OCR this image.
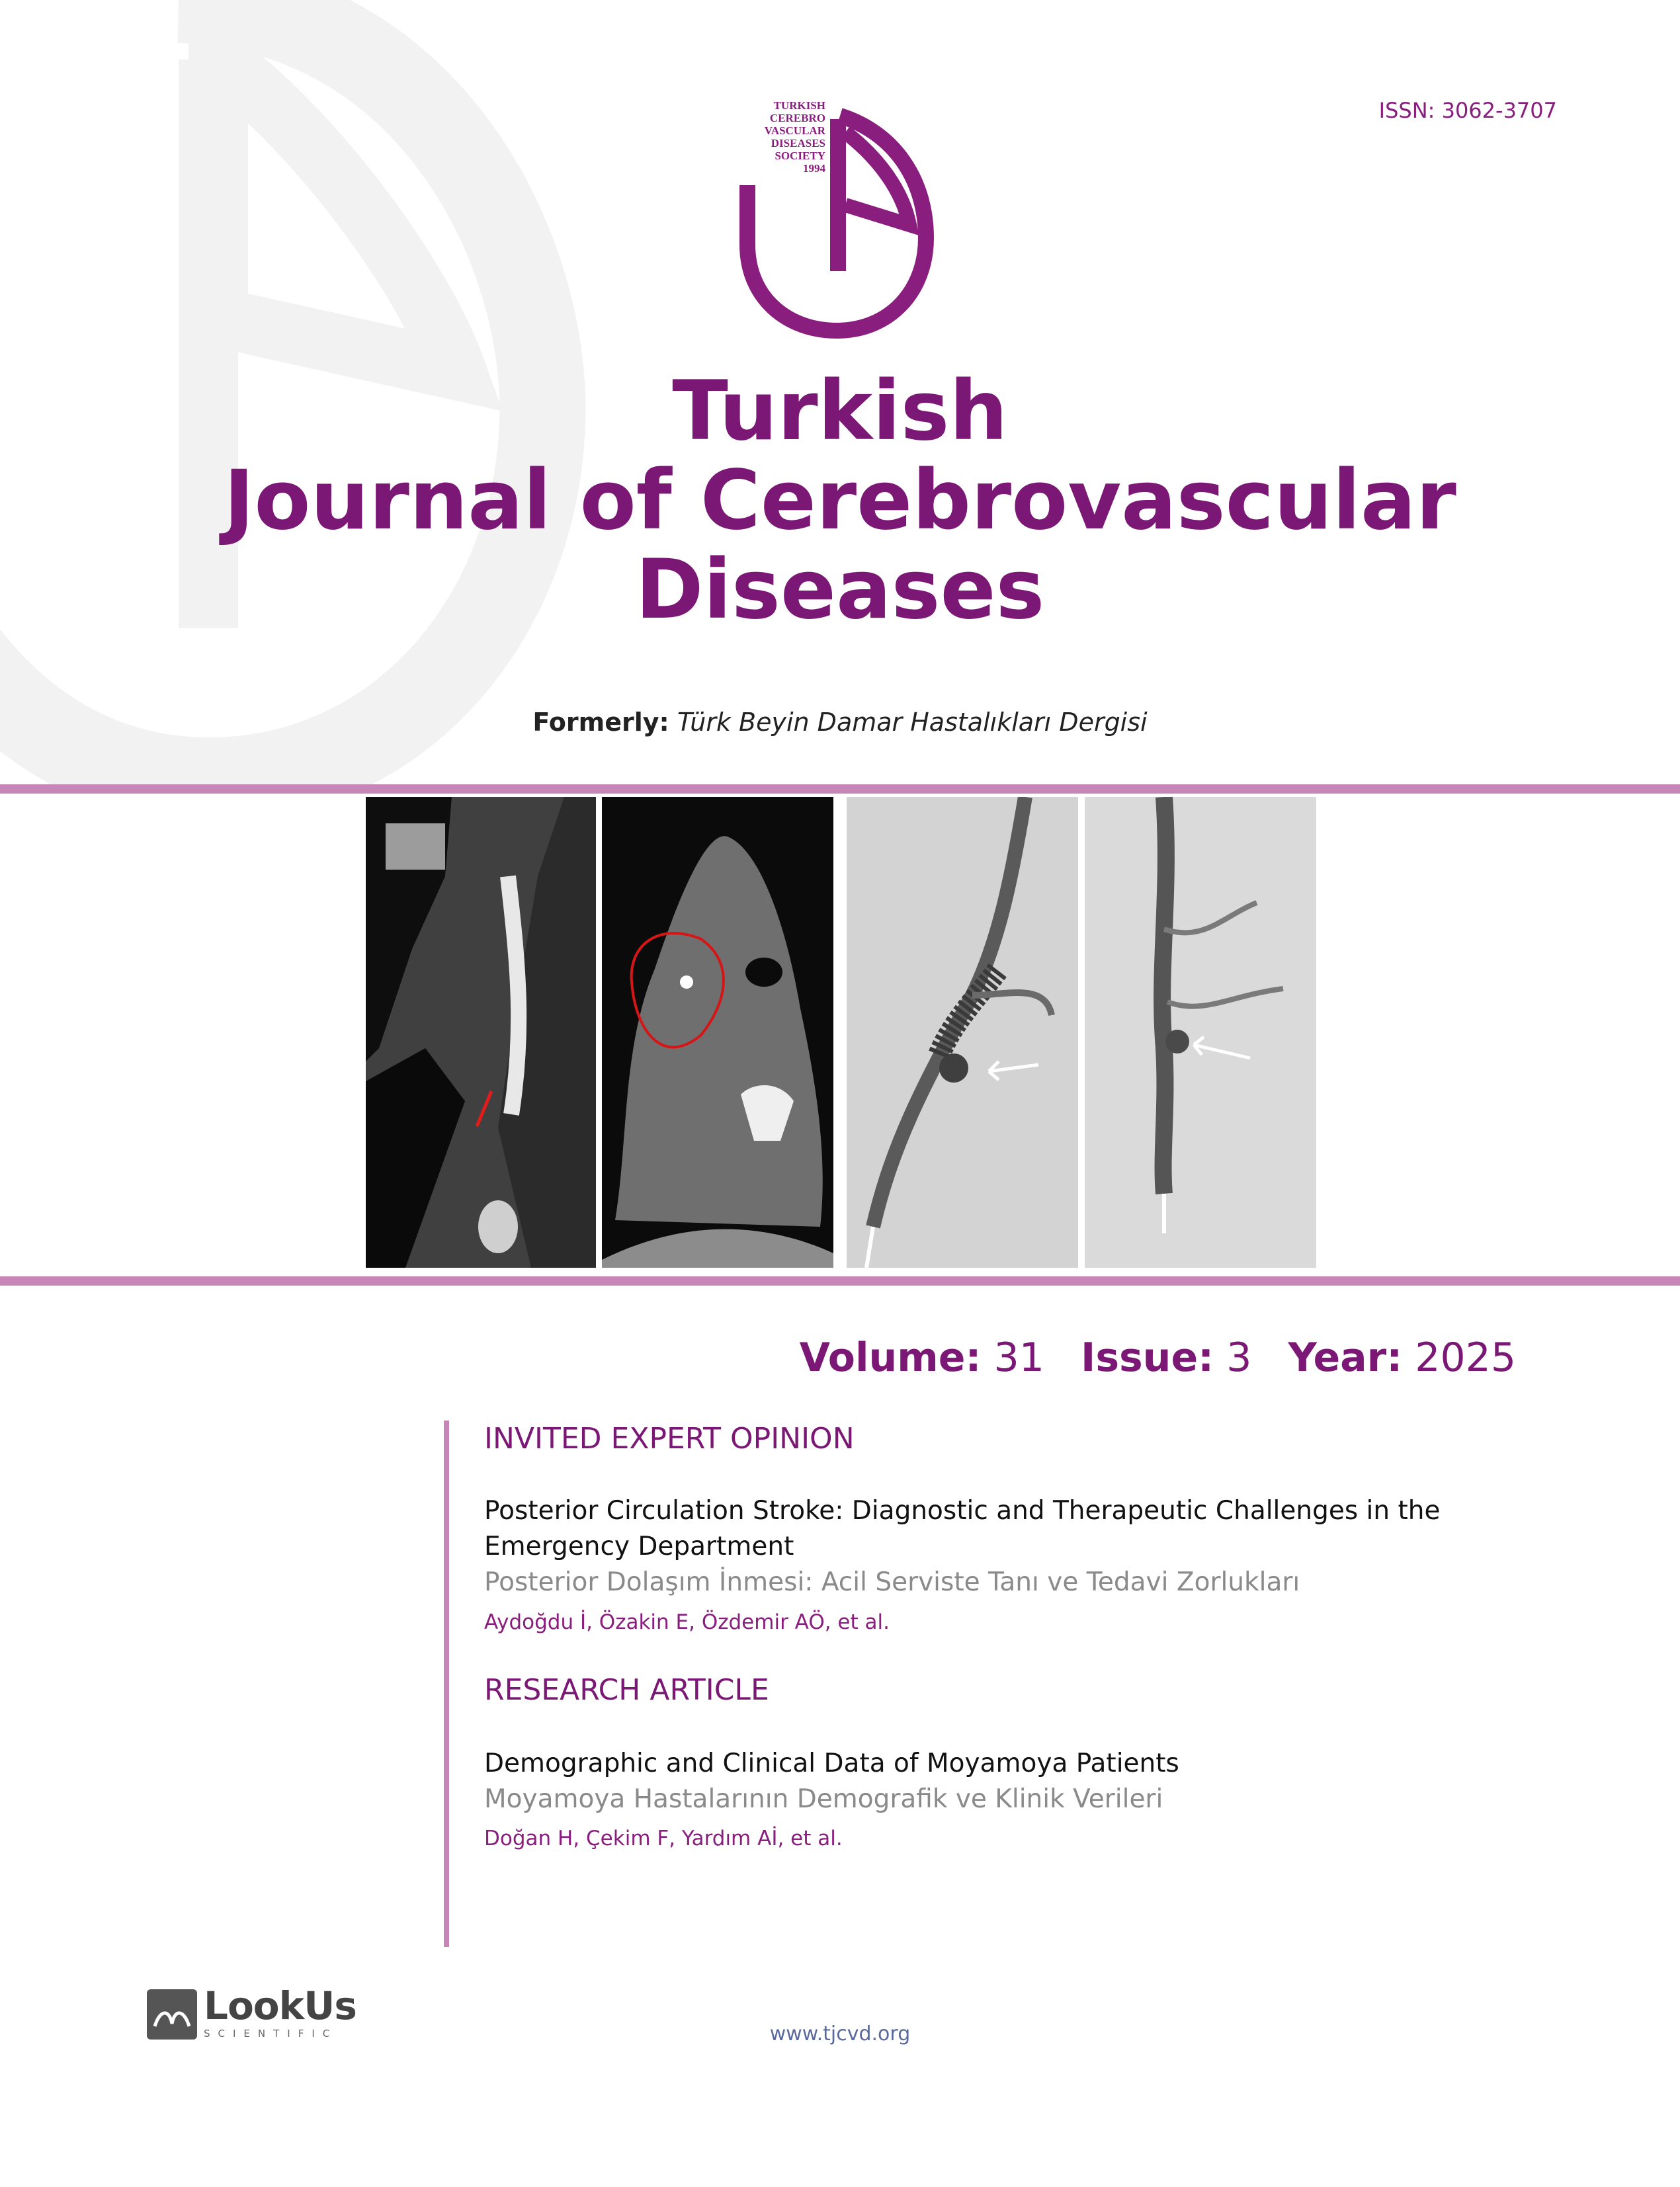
ISSN: 3062-3707
TURKISH
CEREBRO
VASCULAR
DISEASES
SOCIETY
1994
Turkish
Journal of Cerebrovascular
Diseases
Formerly: Türk Beyin Damar Hastalıkları Dergisi
Volume: 31 Issue: 3 Year: 2025
INVITED EXPERT OPINION
Posterior Circulation Stroke: Diagnostic and Therapeutic Challenges in the Emergency Department
Posterior Dolaşım İnmesi: Acil Serviste Tanı ve Tedavi Zorlukları
Aydoğdu İ, Özakin E, Özdemir AÖ, et al.
RESEARCH ARTICLE
Demographic and Clinical Data of Moyamoya Patients
Moyamoya Hastalarının Demografik ve Klinik Verileri
Doğan H, Çekim F, Yardım Aİ, et al.
LookUs
SCIENTIFIC	www.tjcvd.org
